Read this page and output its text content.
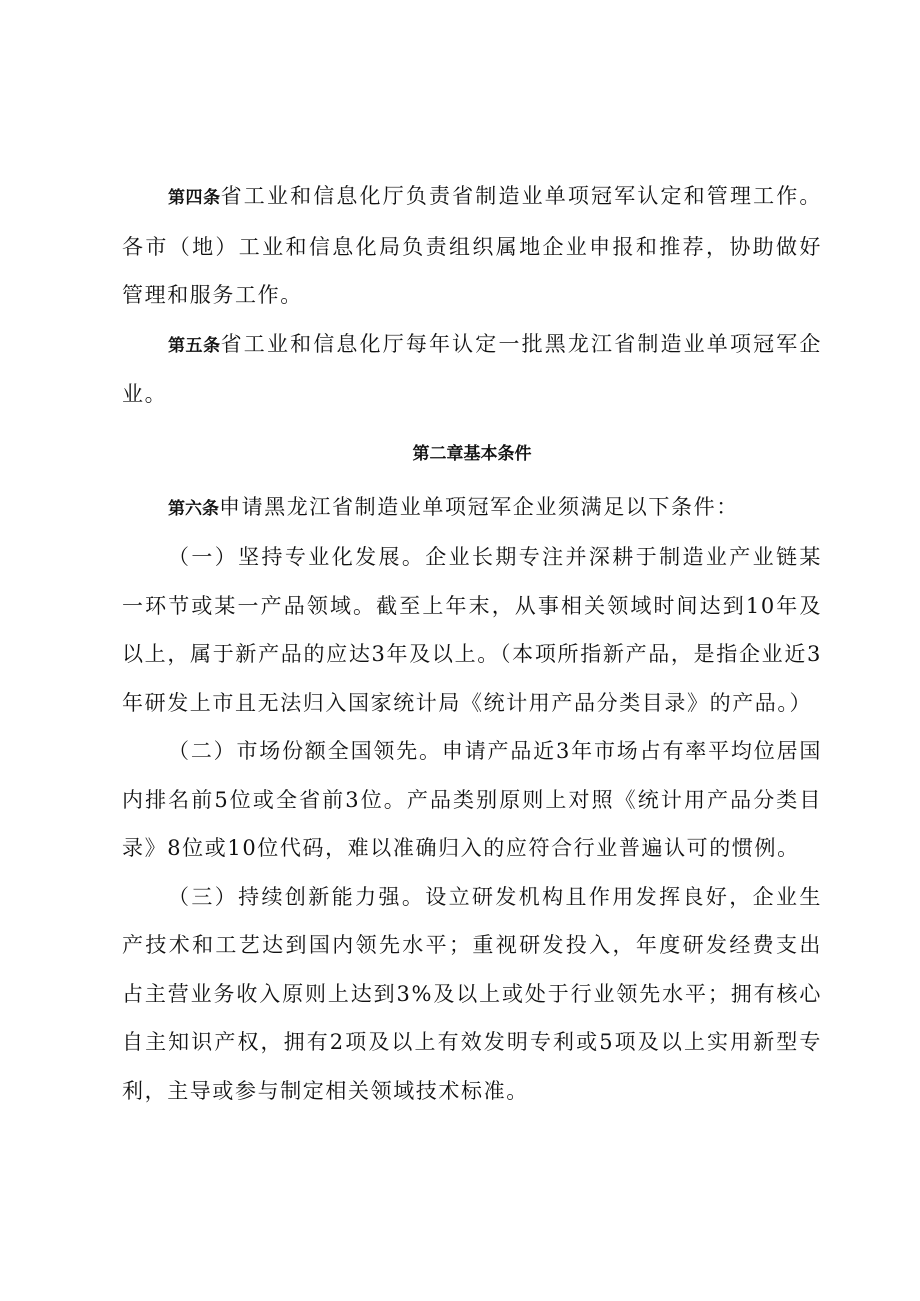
第四条省工业和信息化厅负责省制造业单项冠军认定和管理工作。各市（地）工业和信息化局负责组织属地企业申报和推荐，协助做好管理和服务工作。

第五条省工业和信息化厅每年认定一批黑龙江省制造业单项冠军企业。

第二章基本条件

第六条申请黑龙江省制造业单项冠军企业须满足以下条件：

（一）坚持专业化发展。企业长期专注并深耕于制造业产业链某一环节或某一产品领域。截至上年末，从事相关领域时间达到10年及以上，属于新产品的应达3年及以上。（本项所指新产品，是指企业近3年研发上市且无法归入国家统计局《统计用产品分类目录》的产品。）

（二）市场份额全国领先。申请产品近3年市场占有率平均位居国内排名前5位或全省前3位。产品类别原则上对照《统计用产品分类目录》8位或10位代码，难以准确归入的应符合行业普遍认可的惯例。

（三）持续创新能力强。设立研发机构且作用发挥良好，企业生产技术和工艺达到国内领先水平；重视研发投入，年度研发经费支出占主营业务收入原则上达到3%及以上或处于行业领先水平；拥有核心自主知识产权，拥有2项及以上有效发明专利或5项及以上实用新型专利，主导或参与制定相关领域技术标准。
